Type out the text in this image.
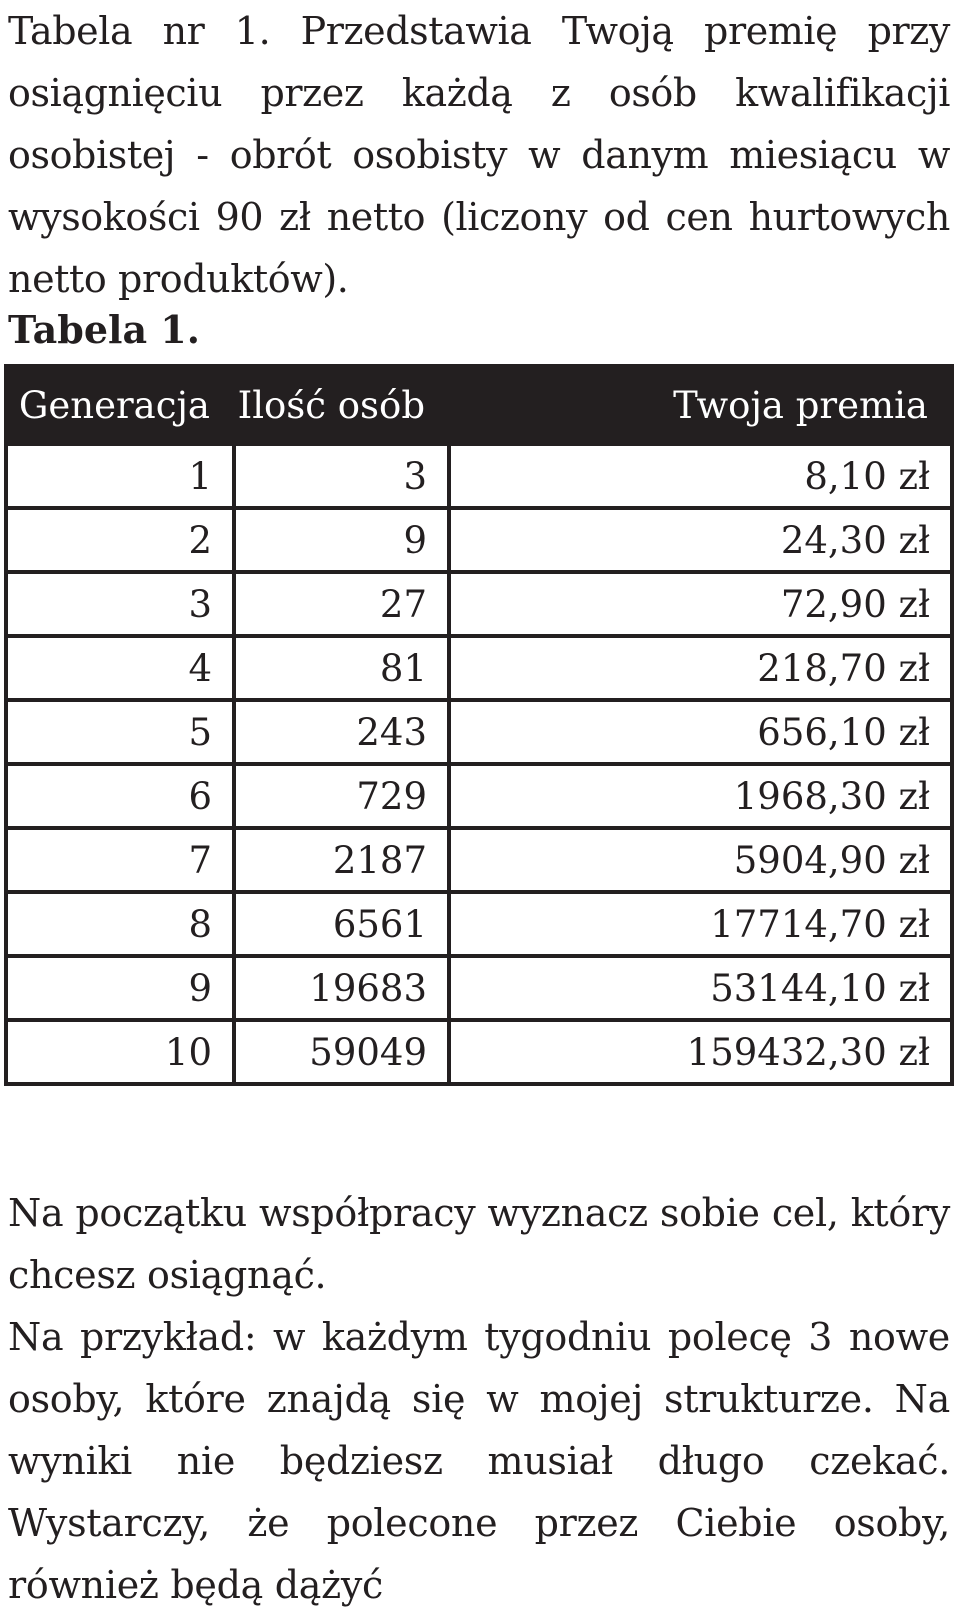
Tabela nr 1. Przedstawia Twoją premię przy osiągnięciu przez każdą z osób kwalifikacji osobistej - obrót osobisty w danym miesiącu w wysokości 90 zł netto (liczony od cen hurtowych netto produktów).
Tabela 1.
Generacja	Ilość osób	Twoja premia
1	3	8,10 zł
2	9	24,30 zł
3	27	72,90 zł
4	81	218,70 zł
5	243	656,10 zł
6	729	1968,30 zł
7	2187	5904,90 zł
8	6561	17714,70 zł
9	19683	53144,10 zł
10	59049	159432,30 zł

Na początku współpracy wyznacz sobie cel, który chcesz osiągnąć.

Na przykład: w każdym tygodniu polecę 3 nowe osoby, które znajdą się w mojej strukturze. Na wyniki nie będziesz musiał długo czekać. Wystarczy, że polecone przez Ciebie osoby, również będą dążyć
